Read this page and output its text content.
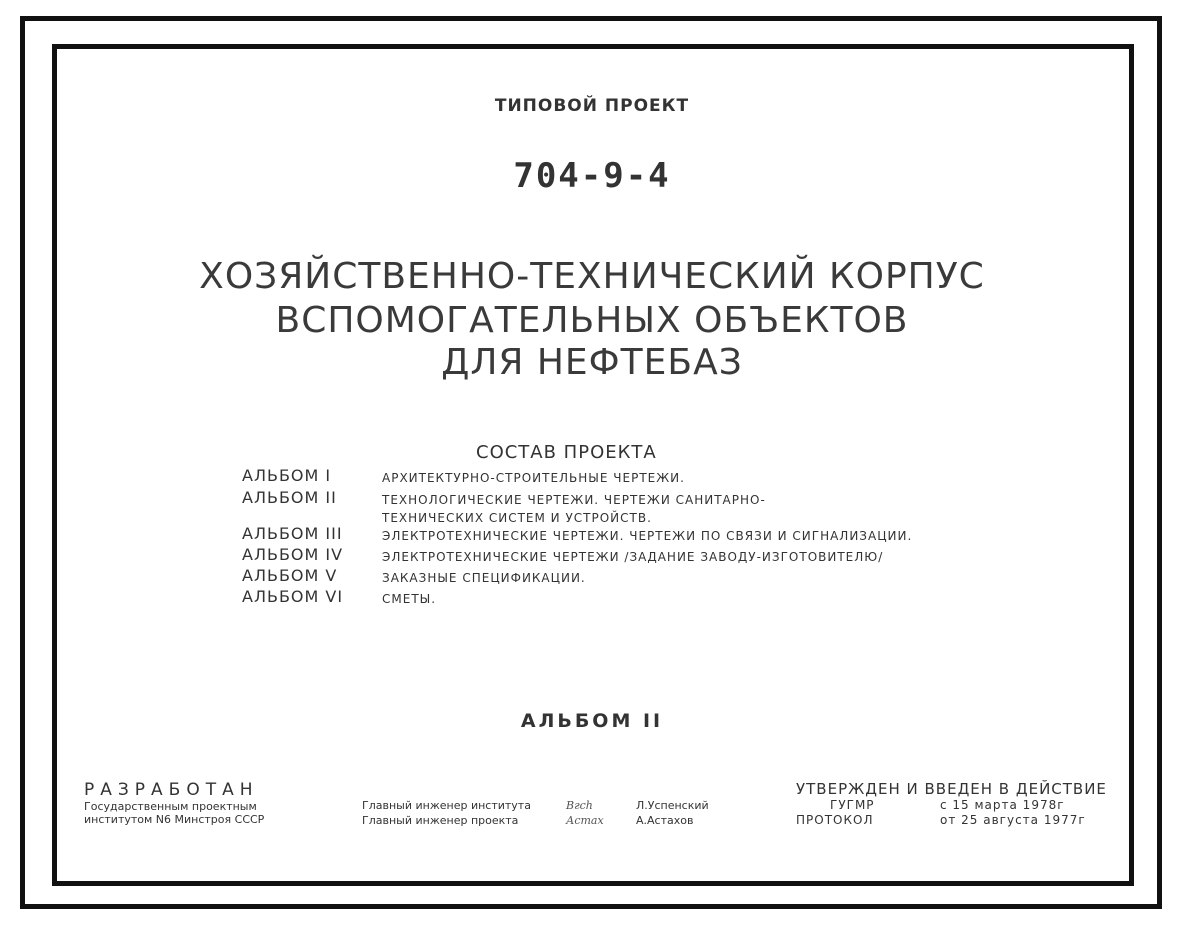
ТИПОВОЙ ПРОЕКТ
704-9-4
ХОЗЯЙСТВЕННО-ТЕХНИЧЕСКИЙ КОРПУС
ВСПОМОГАТЕЛЬНЫХ ОБЪЕКТОВ
ДЛЯ НЕФТЕБАЗ
СОСТАВ ПРОЕКТА
АЛЬБОМ I	АРХИТЕКТУРНО-СТРОИТЕЛЬНЫЕ ЧЕРТЕЖИ.
АЛЬБОМ II	ТЕХНОЛОГИЧЕСКИЕ ЧЕРТЕЖИ. ЧЕРТЕЖИ САНИТАРНО-ТЕХНИЧЕСКИХ СИСТЕМ И УСТРОЙСТВ.
АЛЬБОМ III	ЭЛЕКТРОТЕХНИЧЕСКИЕ ЧЕРТЕЖИ. ЧЕРТЕЖИ ПО СВЯЗИ И СИГНАЛИЗАЦИИ.
АЛЬБОМ IV	ЭЛЕКТРОТЕХНИЧЕСКИЕ ЧЕРТЕЖИ /ЗАДАНИЕ ЗАВОДУ-ИЗГОТОВИТЕЛЮ/
АЛЬБОМ V	ЗАКАЗНЫЕ СПЕЦИФИКАЦИИ.
АЛЬБОМ VI	СМЕТЫ.
АЛЬБОМ II
РАЗРАБОТАН
Государственным проектным
институтом N6 Минстроя СССР
Главный инженер института	Вгсh	Л.Успенский
Главный инженер проекта	Астах	А.Астахов
УТВЕРЖДЕН И ВВЕДЕН В ДЕЙСТВИЕ
ГУГМР	с 15 марта 1978г
ПРОТОКОЛ	от 25 августа 1977г
